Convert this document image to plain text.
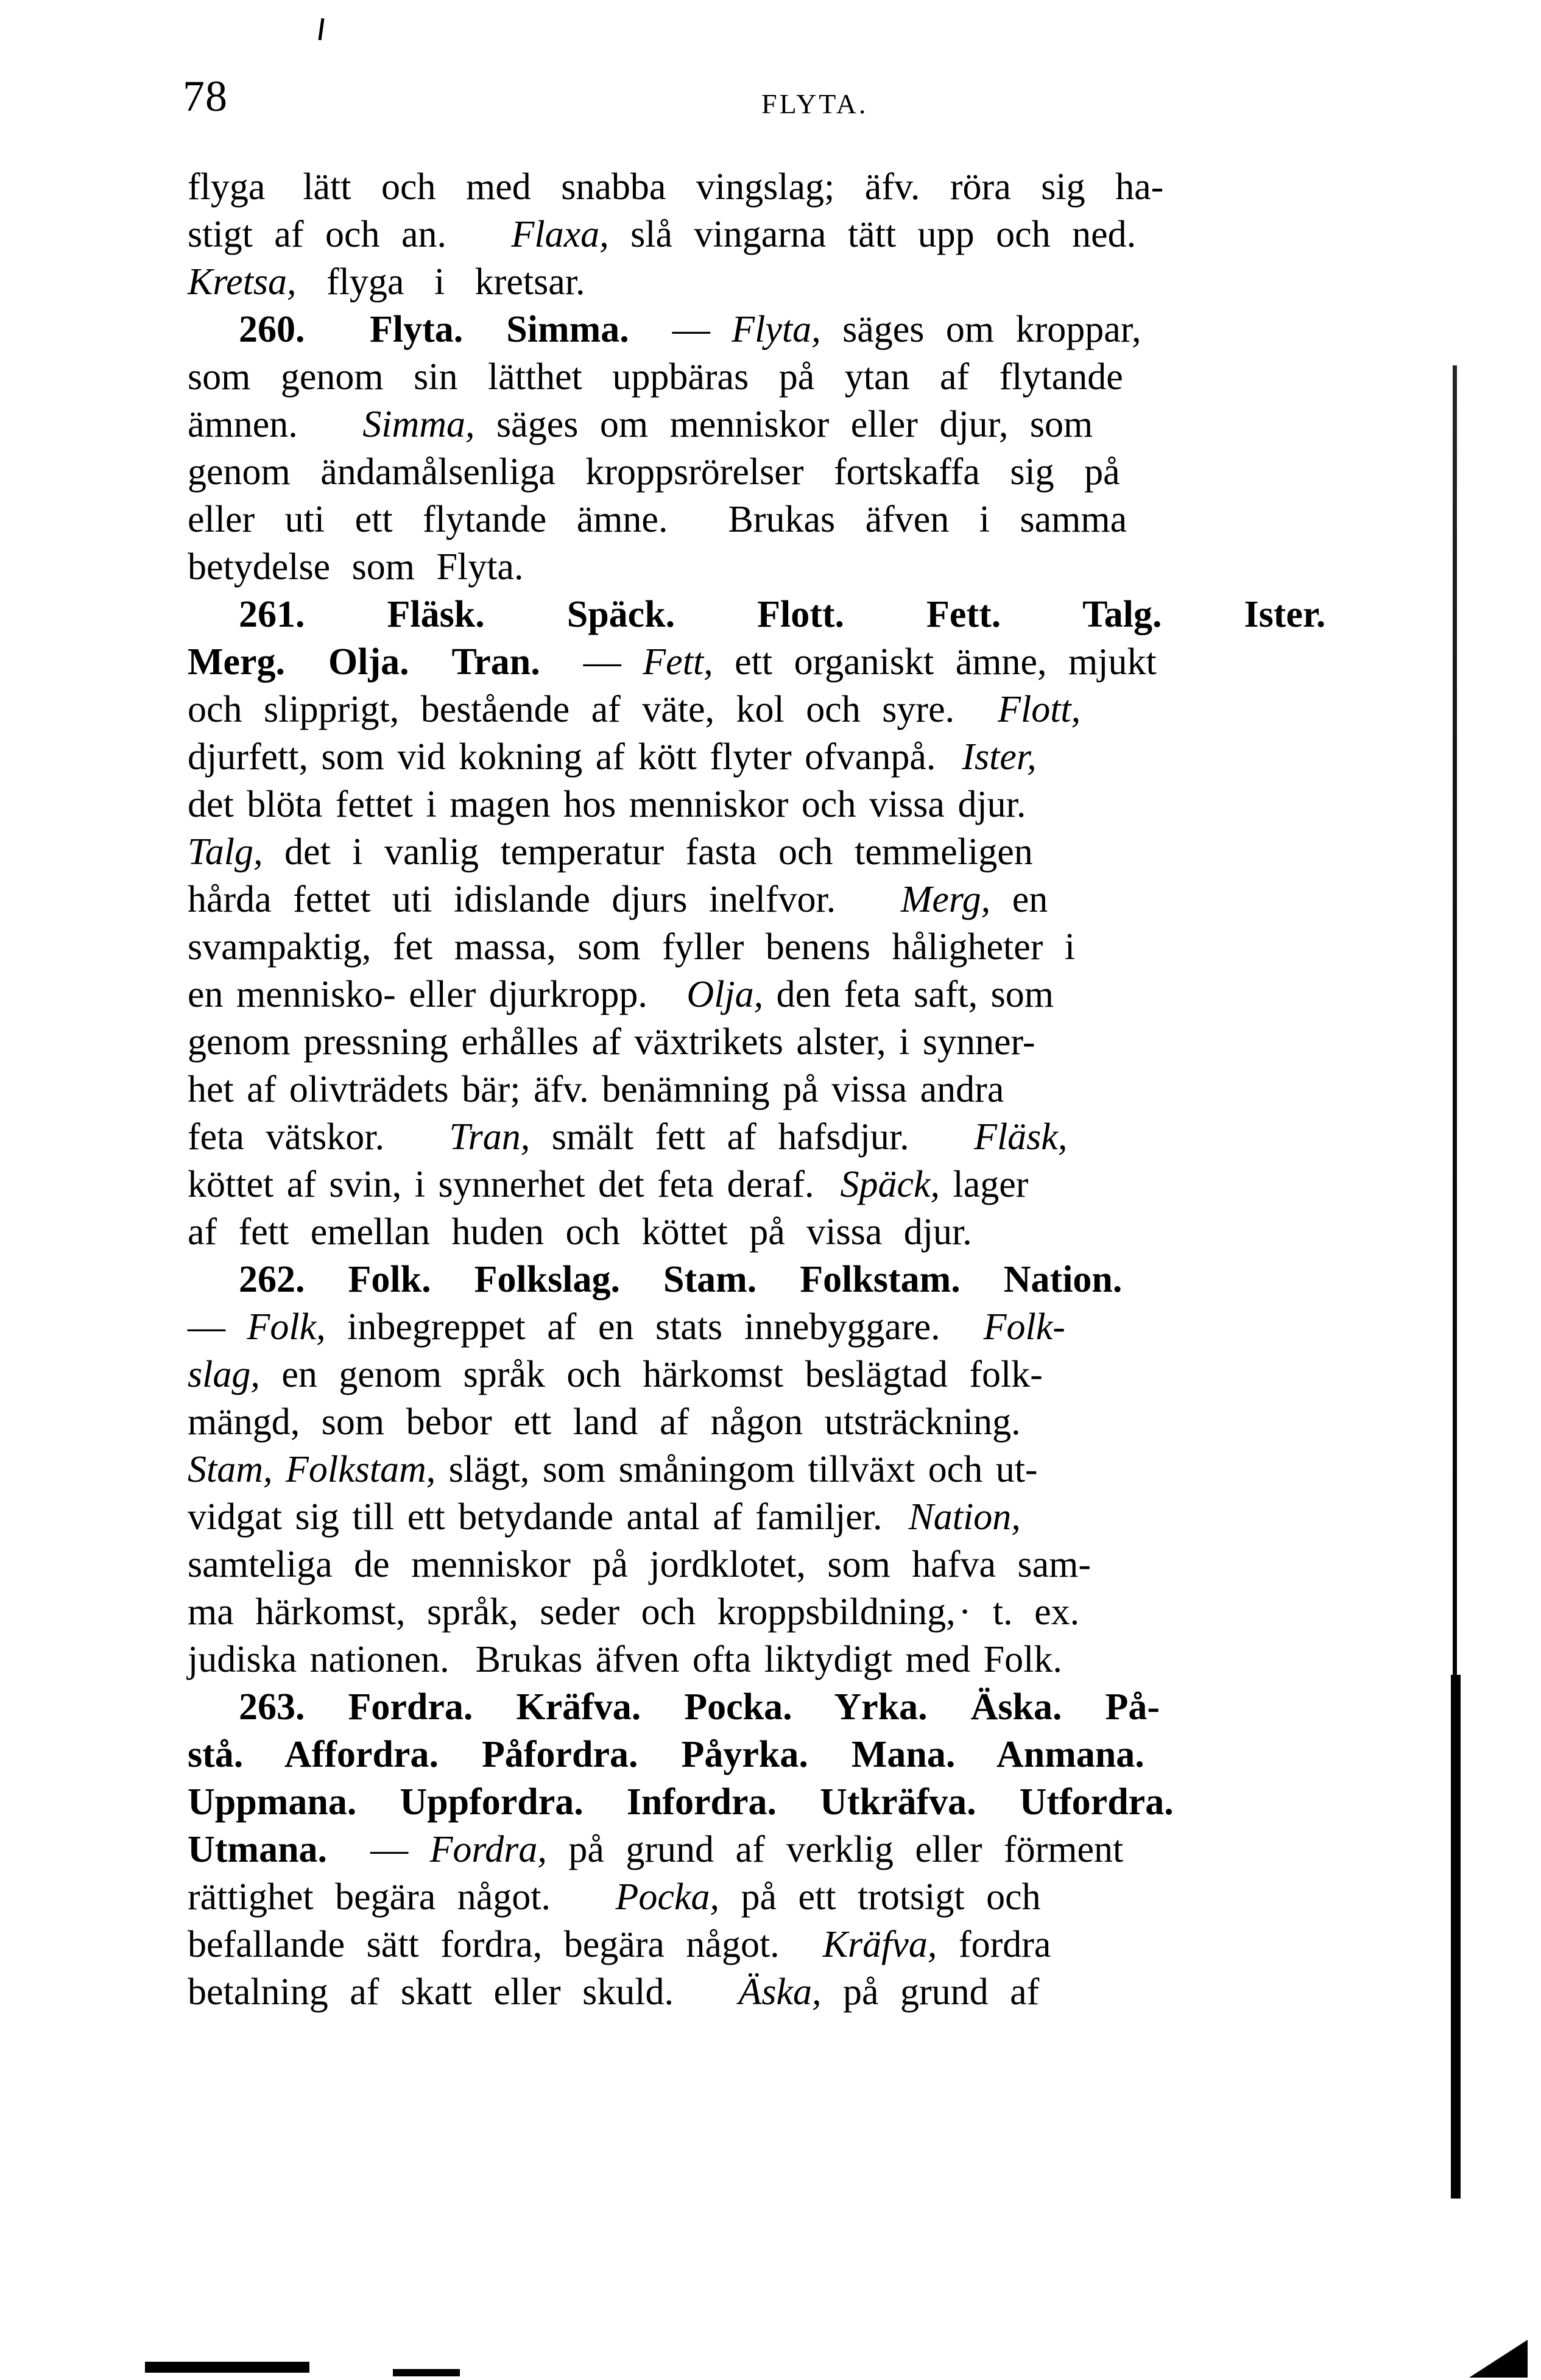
78	FLYTA.

flyga  lätt och med snabba vingslag; äfv. röra sig ha-
stigt af och an.   Flaxa, slå vingarna tätt upp och ned.
Kretsa, flyga i kretsar.

260.   Flyta.  Simma. — Flyta, säges om kroppar,
som genom sin lätthet uppbäras på ytan af flytande
ämnen.   Simma, säges om menniskor eller djur, som
genom ändamålsenliga kroppsrörelser fortskaffa sig på
eller uti ett flytande ämne.  Brukas äfven i samma
betydelse som Flyta.

261.  Fläsk.  Späck.  Flott.  Fett.  Talg.  Ister.
Merg.  Olja.  Tran. — Fett, ett organiskt ämne, mjukt
och slipprigt, bestående af väte, kol och syre.  Flott,
djurfett, som vid kokning af kött flyter ofvanpå.  Ister,
det blöta fettet i magen hos menniskor och vissa djur.
Talg, det i vanlig temperatur fasta och temmeligen
hårda fettet uti idislande djurs inelfvor.   Merg, en
svampaktig, fet massa, som fyller benens håligheter i
en mennisko- eller djurkropp.   Olja, den feta saft, som
genom pressning erhålles af växtrikets alster, i synner-
het af olivträdets bär; äfv. benämning på vissa andra
feta vätskor.   Tran, smält fett af hafsdjur.   Fläsk,
köttet af svin, i synnerhet det feta deraf.  Späck, lager
af fett emellan huden och köttet på vissa djur.

262.  Folk.  Folkslag.  Stam.  Folkstam.  Nation.
— Folk, inbegreppet af en stats innebyggare.  Folk-
slag, en genom språk och härkomst beslägtad folk-
mängd, som bebor ett land af någon utsträckning.
Stam, Folkstam, slägt, som småningom tillväxt och ut-
vidgat sig till ett betydande antal af familjer.  Nation,
samteliga de menniskor på jordklotet, som hafva sam-
ma härkomst, språk, seder och kroppsbildning, · t. ex.
judiska nationen.  Brukas äfven ofta liktydigt med Folk.

263.  Fordra.  Kräfva.  Pocka.  Yrka.  Äska.  På-
stå.  Affordra.  Påfordra.  Påyrka.  Mana.  Anmana.
Uppmana.  Uppfordra.  Infordra.  Utkräfva.  Utfordra.
Utmana. — Fordra, på grund af verklig eller förment
rättighet begära något.   Pocka, på ett trotsigt och
befallande sätt fordra, begära något.  Kräfva, fordra
betalning af skatt eller skuld.   Äska, på grund af
